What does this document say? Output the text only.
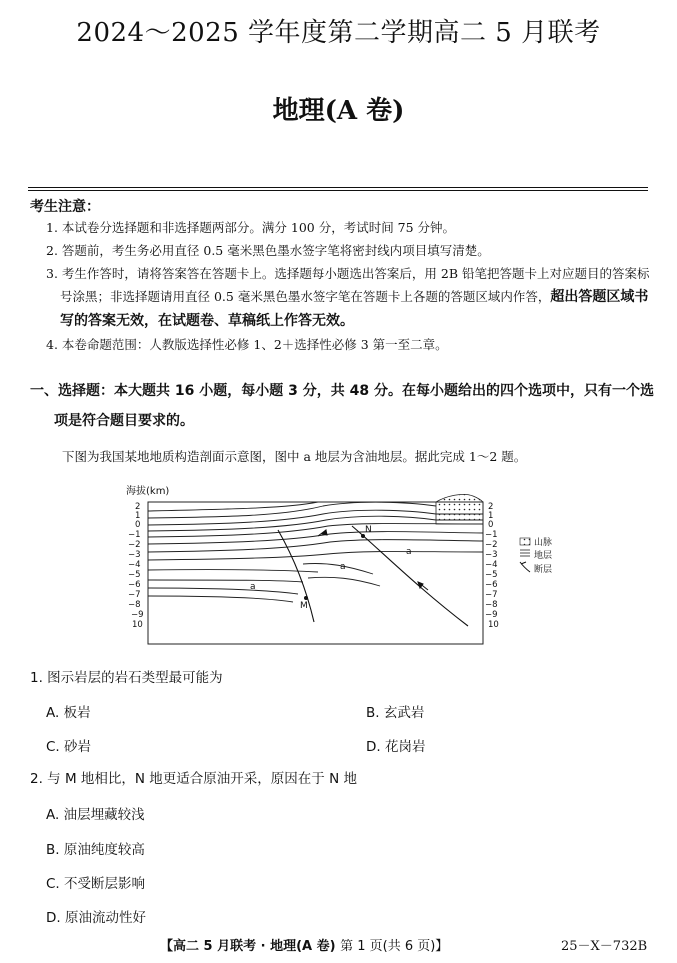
2024～2025 学年度第二学期高二 5 月联考
地理(A 卷)
考生注意：
1. 本试卷分选择题和非选择题两部分。满分 100 分，考试时间 75 分钟。
2. 答题前，考生务必用直径 0.5 毫米黑色墨水签字笔将密封线内项目填写清楚。
3. 考生作答时，请将答案答在答题卡上。选择题每小题选出答案后，用 2B 铅笔把答题卡上对应题目的答案标号涂黑；非选择题请用直径 0.5 毫米黑色墨水签字笔在答题卡上各题的答题区域内作答，超出答题区域书写的答案无效，在试题卷、草稿纸上作答无效。
4. 本卷命题范围：人教版选择性必修 1、2＋选择性必修 3 第一至二章。
一、选择题：本大题共 16 小题，每小题 3 分，共 48 分。在每小题给出的四个选项中，只有一个选
项是符合题目要求的。
下图为我国某地地质构造剖面示意图，图中 a 地层为含油地层。据此完成 1～2 题。
海拔(km)
2
1
0
−1
−2
−3
−4
−5
−6
−7
−8
−9
10
2
1
0
−1
−2
−3
−4
−5
−6
−7
−8
−9
10
N
M
a
a
a
山脉
地层
断层
1. 图示岩层的岩石类型最可能为
A. 板岩	B. 玄武岩
C. 砂岩	D. 花岗岩
2. 与 M 地相比，N 地更适合原油开采，原因在于 N 地
A. 油层埋藏较浅
B. 原油纯度较高
C. 不受断层影响
D. 原油流动性好
【高二 5 月联考 · 地理(A 卷) 第 1 页(共 6 页)】	25－X－732B
